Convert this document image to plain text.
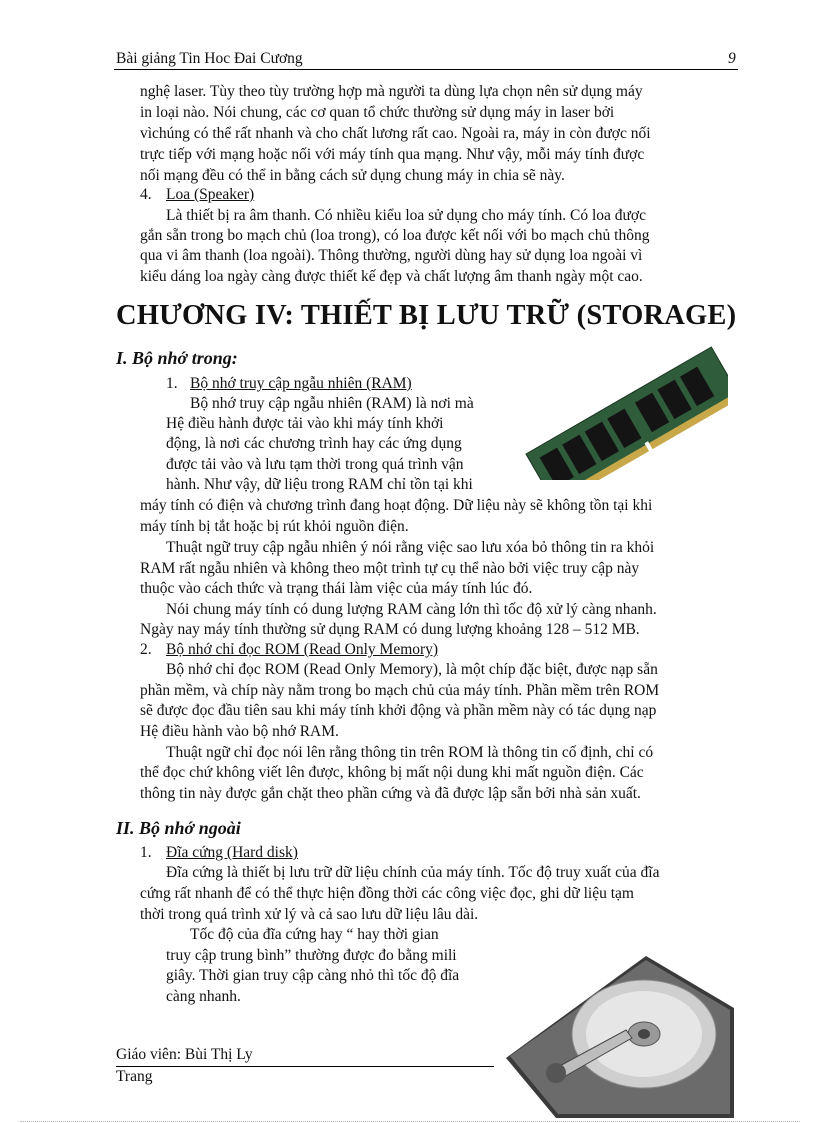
Bài giảng Tin Hoc Đai Cương	9
nghệ laser. Tùy theo tùy trường hợp mà người ta dùng lựa chọn nên sử dụng máy
in loại nào. Nói chung, các cơ quan tổ chức thường sử dụng máy in laser bởi
vìchúng có thể rất nhanh và cho chất lương rất cao. Ngoài ra, máy in còn được nối
trực tiếp với mạng hoặc nối với máy tính qua mạng. Như vậy, mỗi máy tính được
nối mạng đều có thể in bằng cách sử dụng chung máy in chia sẽ này.
4. Loa (Speaker)
Là thiết bị ra âm thanh. Có nhiều kiểu loa sử dụng cho máy tính. Có loa được
gắn sẵn trong bo mạch chủ (loa trong), có loa được kết nối với bo mạch chủ thông
qua vi âm thanh (loa ngoài). Thông thường, người dùng hay sử dụng loa ngoài vì
kiểu dáng loa ngày càng được thiết kế đẹp và chất lượng âm thanh ngày một cao.
CHƯƠNG IV: THIẾT BỊ LƯU TRỮ (STORAGE)
I. Bộ nhớ trong:
1. Bộ nhớ truy cập ngẫu nhiên (RAM)
Bộ nhớ truy cập ngẫu nhiên (RAM) là nơi mà
Hệ điều hành được tải vào khi máy tính khởi
động, là nơi các chương trình hay các ứng dụng
được tải vào và lưu tạm thời trong quá trình vận
hành. Như vậy, dữ liệu trong RAM chỉ tồn tại khi
máy tính có điện và chương trình đang hoạt động. Dữ liệu này sẽ không tồn tại khi
máy tính bị tắt hoặc bị rút khỏi nguồn điện.
Thuật ngữ truy cập ngẫu nhiên ý nói rằng việc sao lưu xóa bỏ thông tin ra khỏi
RAM rất ngẫu nhiên và không theo một trình tự cụ thể nào bởi việc truy cập này
thuộc vào cách thức và trạng thái làm việc của máy tính lúc đó.
Nói chung máy tính có dung lượng RAM càng lớn thì tốc độ xử lý càng nhanh.
Ngày nay máy tính thường sử dụng RAM có dung lượng khoảng 128 – 512 MB.
2. Bộ nhớ chỉ đọc ROM (Read Only Memory)
Bộ nhớ chỉ đọc ROM (Read Only Memory), là một chíp đặc biệt, được nạp sẵn
phần mềm, và chíp này nằm trong bo mạch chủ của máy tính. Phần mềm trên ROM
sẽ được đọc đầu tiên sau khi máy tính khởi động và phần mềm này có tác dụng nạp
Hệ điều hành vào bộ nhớ RAM.
Thuật ngữ chỉ đọc nói lên rằng thông tin trên ROM là thông tin cố định, chỉ có
thể đọc chứ không viết lên được, không bị mất nội dung khi mất nguồn điện. Các
thông tin này được gắn chặt theo phần cứng và đã được lập sẵn bởi nhà sản xuất.
II. Bộ nhớ ngoài
1. Đĩa cứng (Hard disk)
Đĩa cứng là thiết bị lưu trữ dữ liệu chính của máy tính. Tốc độ truy xuất của đĩa
cứng rất nhanh để có thể thực hiện đồng thời các công việc đọc, ghi dữ liệu tạm
thời trong quá trình xử lý và cả sao lưu dữ liệu lâu dài.
Tốc độ của đĩa cứng hay “ hay thời gian
truy cập trung bình” thường được đo bằng mili
giây. Thời gian truy cập càng nhỏ thì tốc độ đĩa
càng nhanh.
Giáo viên: Bùi Thị Ly
Trang
